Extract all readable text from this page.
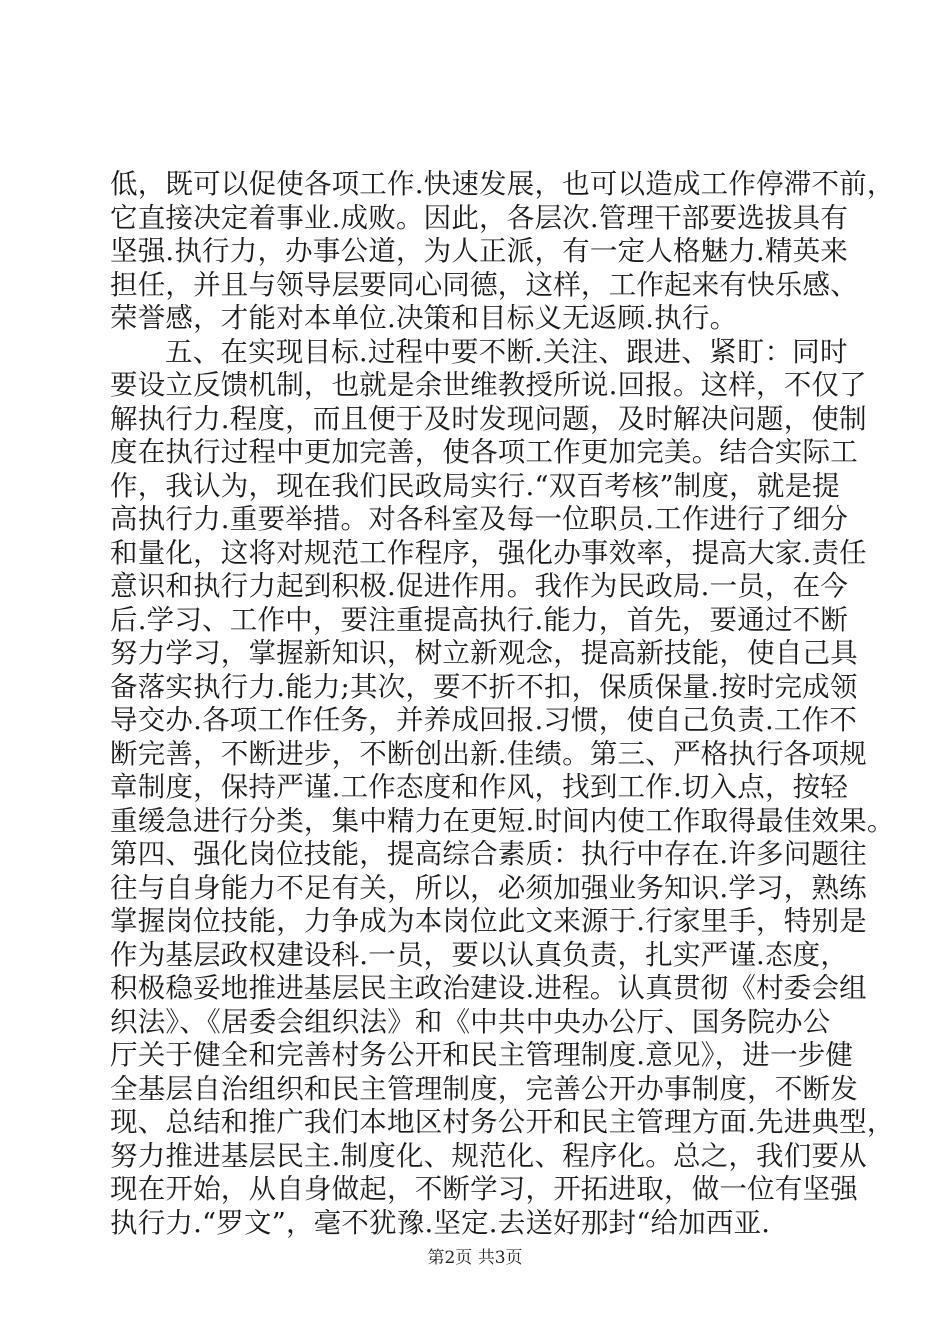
低，既可以促使各项工作.快速发展，也可以造成工作停滞不前，
它直接决定着事业.成败。因此，各层次.管理干部要选拔具有
坚强.执行力，办事公道，为人正派，有一定人格魅力.精英来
担任，并且与领导层要同心同德，这样，工作起来有快乐感、
荣誉感，才能对本单位.决策和目标义无返顾.执行。
五、在实现目标.过程中要不断.关注、跟进、紧盯：同时
要设立反馈机制，也就是余世维教授所说.回报。这样，不仅了
解执行力.程度，而且便于及时发现问题，及时解决问题，使制
度在执行过程中更加完善，使各项工作更加完美。结合实际工
作，我认为，现在我们民政局实行.“双百考核”制度，就是提
高执行力.重要举措。对各科室及每一位职员.工作进行了细分
和量化，这将对规范工作程序，强化办事效率，提高大家.责任
意识和执行力起到积极.促进作用。我作为民政局.一员，在今
后.学习、工作中，要注重提高执行.能力，首先，要通过不断
努力学习，掌握新知识，树立新观念，提高新技能，使自己具
备落实执行力.能力;其次，要不折不扣，保质保量.按时完成领
导交办.各项工作任务，并养成回报.习惯，使自己负责.工作不
断完善，不断进步，不断创出新.佳绩。第三、严格执行各项规
章制度，保持严谨.工作态度和作风，找到工作.切入点，按轻
重缓急进行分类，集中精力在更短.时间内使工作取得最佳效果。
第四、强化岗位技能，提高综合素质：执行中存在.许多问题往
往与自身能力不足有关，所以，必须加强业务知识.学习，熟练
掌握岗位技能，力争成为本岗位此文来源于.行家里手，特别是
作为基层政权建设科.一员，要以认真负责，扎实严谨.态度，
积极稳妥地推进基层民主政治建设.进程。认真贯彻《村委会组
织法》、《居委会组织法》和《中共中央办公厅、国务院办公
厅关于健全和完善村务公开和民主管理制度.意见》，进一步健
全基层自治组织和民主管理制度，完善公开办事制度，不断发
现、总结和推广我们本地区村务公开和民主管理方面.先进典型，
努力推进基层民主.制度化、规范化、程序化。总之，我们要从
现在开始，从自身做起，不断学习，开拓进取，做一位有坚强
执行力.“罗文”，毫不犹豫.坚定.去送好那封“给加西亚.
第2页 共3页
